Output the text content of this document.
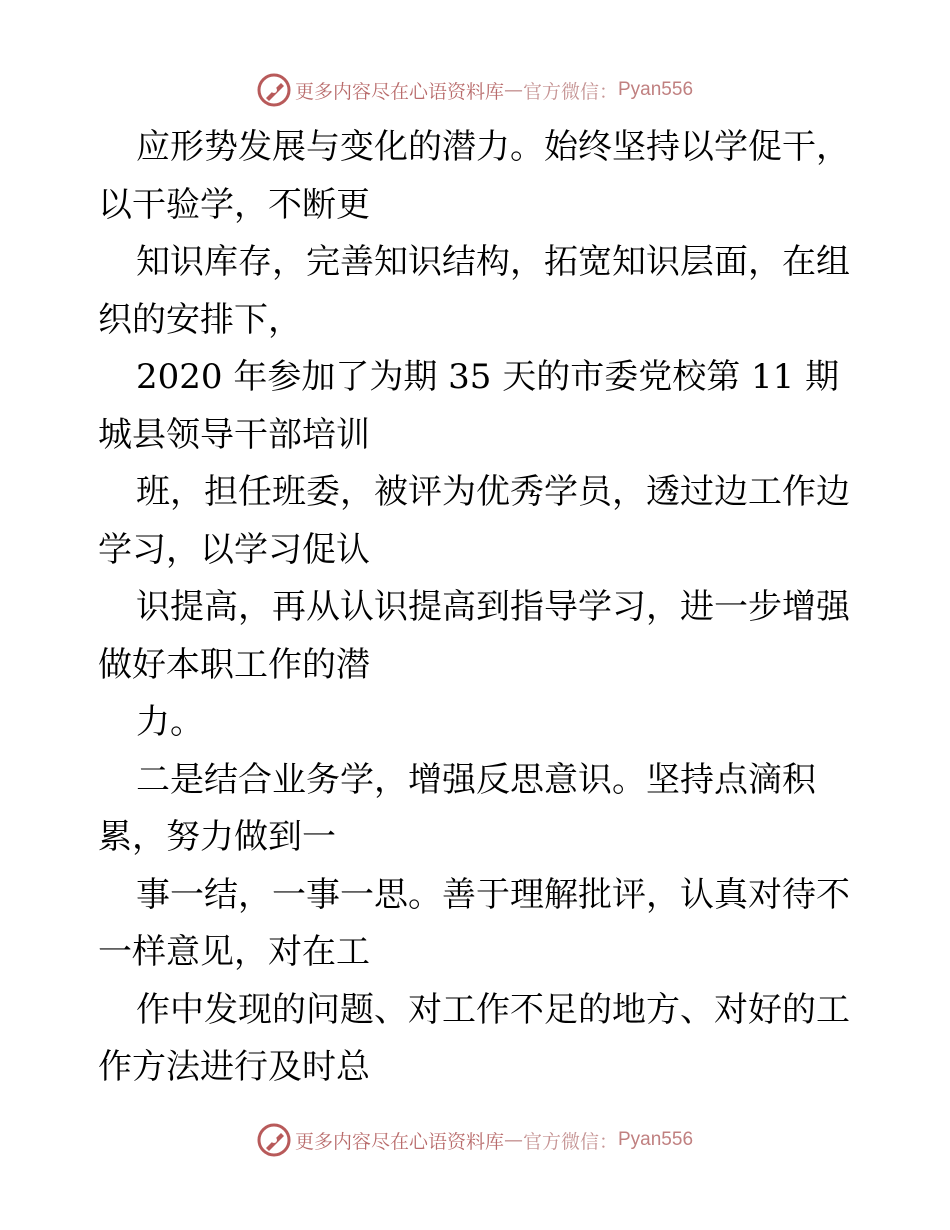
更多内容尽在心语资料库 — 官方微信： Pyan556
应形势发展与变化的潜力。始终坚持以学促干，
以干验学，不断更
知识库存，完善知识结构，拓宽知识层面，在组
织的安排下，
2020 年参加了为期 35 天的市委党校第 11 期
城县领导干部培训
班，担任班委，被评为优秀学员，透过边工作边
学习，以学习促认
识提高，再从认识提高到指导学习，进一步增强
做好本职工作的潜
力。
二是结合业务学，增强反思意识。坚持点滴积
累，努力做到一
事一结，一事一思。善于理解批评，认真对待不
一样意见，对在工
作中发现的问题、对工作不足的地方、对好的工
作方法进行及时总
更多内容尽在心语资料库 — 官方微信： Pyan556
